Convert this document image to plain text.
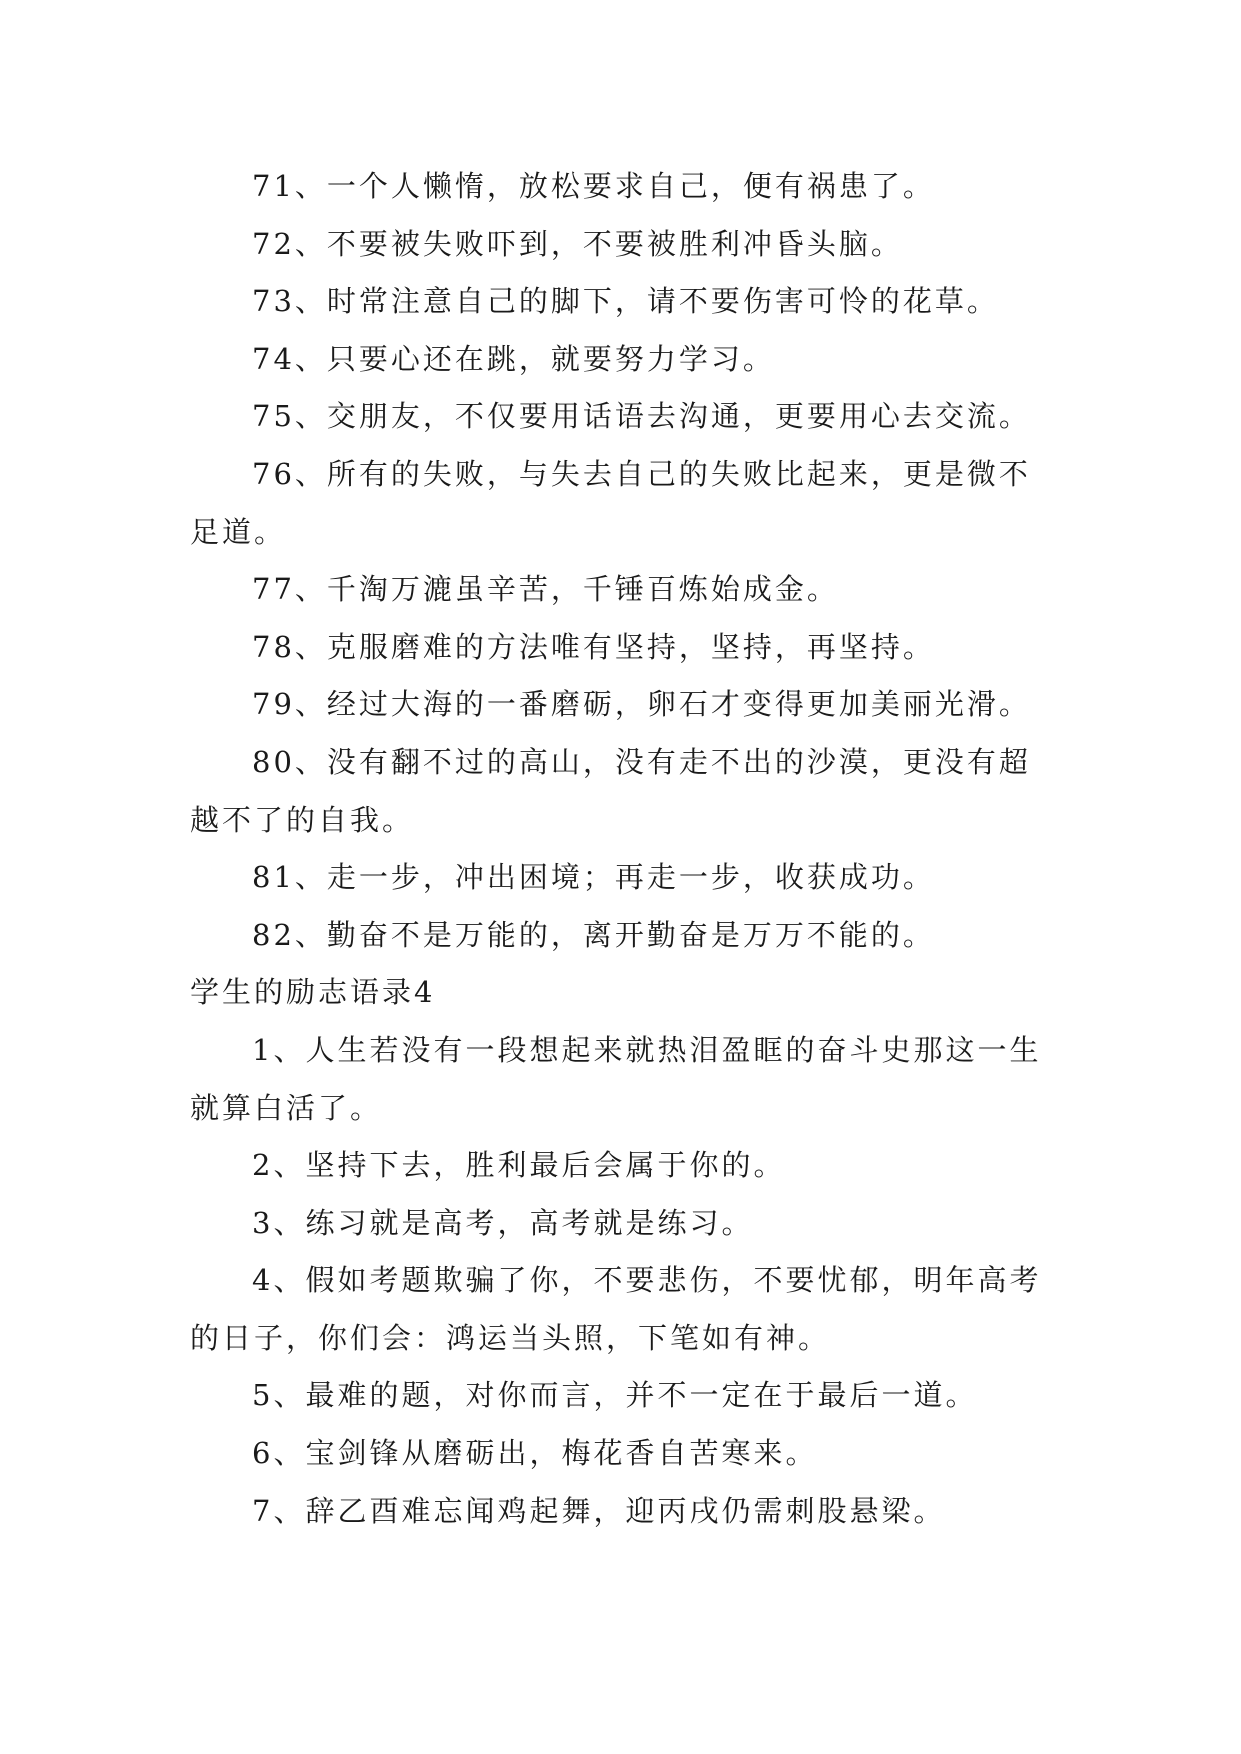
71、一个人懒惰，放松要求自己，便有祸患了。

72、不要被失败吓到，不要被胜利冲昏头脑。

73、时常注意自己的脚下，请不要伤害可怜的花草。

74、只要心还在跳，就要努力学习。

75、交朋友，不仅要用话语去沟通，更要用心去交流。

76、所有的失败，与失去自己的失败比起来，更是微不足道。

77、千淘万漉虽辛苦，千锤百炼始成金。

78、克服磨难的方法唯有坚持，坚持，再坚持。

79、经过大海的一番磨砺，卵石才变得更加美丽光滑。

80、没有翻不过的高山，没有走不出的沙漠，更没有超越不了的自我。

81、走一步，冲出困境；再走一步，收获成功。

82、勤奋不是万能的，离开勤奋是万万不能的。

学生的励志语录4

1、人生若没有一段想起来就热泪盈眶的奋斗史那这一生就算白活了。

2、坚持下去，胜利最后会属于你的。

3、练习就是高考，高考就是练习。

4、假如考题欺骗了你，不要悲伤，不要忧郁，明年高考的日子，你们会：鸿运当头照，下笔如有神。

5、最难的题，对你而言，并不一定在于最后一道。

6、宝剑锋从磨砺出，梅花香自苦寒来。

7、辞乙酉难忘闻鸡起舞，迎丙戌仍需刺股悬梁。
